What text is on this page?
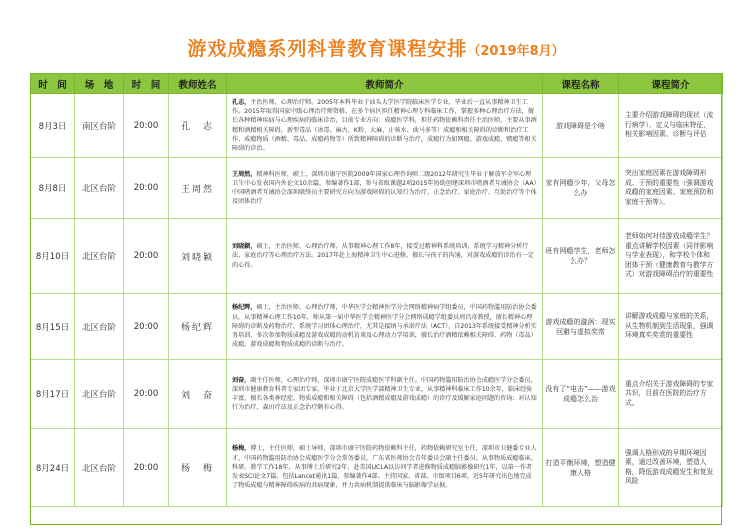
游戏成瘾系列科普教育课程安排（2019年8月）
时　间	场　地	时　间	教师姓名	教师简介	课程名称	课程简介
8月3日	南区台阶	20:00	孔　志	孔志，主治医师，心理治疗师。2005年本科毕业于汕头大学医学院临床医学专业，毕业后一直从事精神卫生工作。2015年取得国家中级心理治疗师资格，在多个病区担任精神心理专科临床工作，掌握多种心理治疗方法，擅长各种精神疾病与心理疾病的临床诊治，目前专业方向：成瘾医学科，担任药物依赖科责任主治医师，主要从事酒精和酒精相关障碍，新型毒品（冰毒、麻古、K粉、大麻、止咳水、曲马多等）成瘾和相关障碍的诊断和治疗工作，成瘾物质（酒精、毒品、成瘾药物等）所致精神障碍的诊断与治疗，成瘾行为如网瘾、游戏成瘾、赌瘾等相关障碍的诊治。	游戏障碍是个啥	主要介绍游戏障碍的现状（流行病学）、定义与临床特征，相关影响因素、诊断与评估
8月8日	北区台阶	20:00	王周然	王周然，精神科医师，硕士，深圳市康宁医院2009年国家心理咨询师二级2012年研究生毕业于解放军全军心理卫生中心发表国内外论文10余篇，参编著作1部，参与省级课题2项2015年协助创建深圳市嗜酒者互诫协会（AA）中国嗜酒者互诫协会深圳联络员主要研究方向为游戏障碍的认知行为治疗、正念治疗、家庭治疗、互助治疗等个体及团体治疗	家有网瘾少年，父母怎么办	突出家庭因素在游戏障碍形成、干预的重要性（強调游戏成瘾的家庭因素、家庭预防和家庭干预等）。
8月10日	北区台阶	20:00	刘晓颖	刘晓颖，硕士，主治医师，心理治疗师。从事精神心理工作8年，接受过精神科系统培训，系统学习精神分析疗法、家庭治疗等心理治疗方法。2017年赴上海精神卫生中心进修。擅长与孩子的沟通，对游戏成瘾的诊治有一定的心得。	班有网瘾学生，老师怎么办？	老师如何对待游戏成瘾学生？重点讲解学校因素（同伴影响与学业表现），和学校个体和团体干预（健康教育与教学方式）对游戏障碍治疗的重要性
8月15日	北区台阶	20:00	杨纪辉	杨纪辉，硕士，主治医师，心理治疗师，中华医学会精神医学分会网络精神病学组委员，中国药物滥用防治协会委员。从事精神心理工作10年，师从第一届中华医学会精神医学分会网络成瘾学组委员周昌奇教授，擅长精神心理障碍的诊断及药物治疗，系统学习团体心理治疗，尤其是接纳与承诺疗法（ACT），自2013年系统接受精神分析实务培训，多次参加物质成瘾及游戏成瘾的动机访谈及心理动力学培训，擅长治疗酒精依赖相关障碍、药物（毒品）成瘾，游戏成瘾和物质成瘾的诊断与治疗。	游戏成瘾的漩涡：现实回避与虚拟奖赏	讲解游戏成瘾与家庭的关系，从生物机制到生活现象，强调环境真实奖赏的重要性
8月17日	北区台阶	20:00	刘　奋	刘奋，副主任医师，心理治疗师，深圳市康宁医院成瘾医学科副主任。中国药物滥用防治协会成瘾医学分会委员，深圳市健康教育科普专家团专家。毕业于北京大学医学部精神卫生专业，从事精神科临床工作10余年，临床经验丰富，擅长各类神经症、物质成瘾和相关障碍（包括酒精成瘾及游戏成瘾）的诊疗及缓解家庭问题的咨询；对认知行为治疗、森田疗法及正念治疗颇有心得。	没有了“电击”——游戏成瘾怎么治	重点介绍关于游戏障碍的专家共识，目前在医院的治疗方式。
8月24日	北区台阶	20:00	杨　梅	杨梅，博士，主任医师，硕士导师，深圳市康宁医院药物依赖科主任，药物依赖研究室主任，深圳市卫健委专业人才，中国药物滥用防治协会成瘾医学分会常务委员，广东省医师协会青年委员会副主任委员。从事物质成瘾临床、科研、教学工作18年，从事博士后研究2年，赴美国UCLA以访问学者进修物质成瘾脑影像研究1年，以第一作者发表SCI论文7篇，包括Lancet通讯1篇，参编著作4部。主持国家、省部、市级项目6项。近5年研究出色地完成了物质成瘾与精神障碍疾病的共病现象，并力共病机制提供临床与脑影像学证据。	打造平衡环境，塑造健康人格	强调人格形成的早期环境因素，通过改善环境，塑造人格，降低游戏成瘾发生和复发风险
